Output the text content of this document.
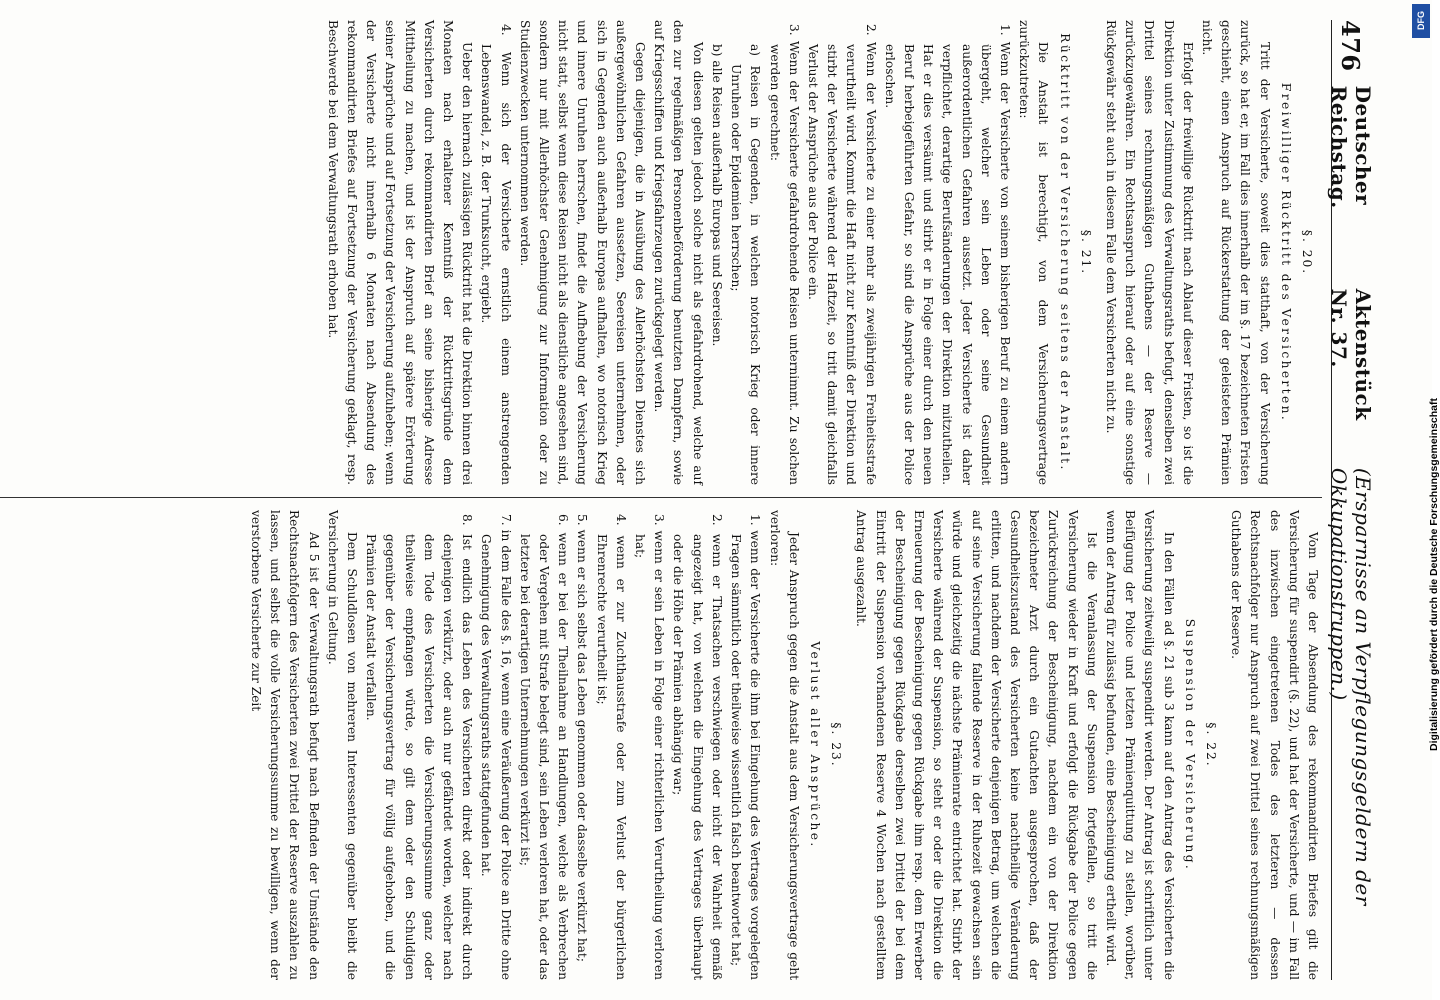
476
Deutscher Reichstag.
Aktenstück Nr. 37.
(Ersparnisse an Verpflegungsgeldern der Okkupationstruppen.)

§. 20.

Freiwilliger Rücktritt des Versicherten.

Tritt der Versicherte, soweit dies statthaft, von der Versicherung zurück, so hat er, im Fall dies innerhalb der im §. 17 bezeichneten Fristen geschieht, einen Anspruch auf Rückerstattung der geleisteten Prämien nicht.

Erfolgt der freiwillige Rücktritt nach Ablauf dieser Fristen, so ist die Direktion unter Zustimmung des Verwaltungsraths befugt, denselben zwei Drittel seines rechnungsmäßigen Guthabens — der Reserve — zurückzugewähren. Ein Rechtsanspruch hierauf oder auf eine sonstige Rückgewähr steht auch in diesem Falle dem Versicherten nicht zu.

§. 21.

Rücktritt von der Versicherung seitens der Anstalt.

Die Anstalt ist berechtigt, von dem Versicherungsvertrage zurückzutreten:

1. Wenn der Versicherte von seinem bisherigen Beruf zu einem andern übergeht, welcher sein Leben oder seine Gesundheit außerordentlichen Gefahren aussetzt. Jeder Versicherte ist daher verpflichtet, derartige Berufsänderungen der Direktion mitzutheilen. Hat er dies versäumt und stirbt er in Folge einer durch den neuen Beruf herbeigeführten Gefahr, so sind die Ansprüche aus der Police erloschen.

2. Wenn der Versicherte zu einer mehr als zweijährigen Freiheitsstrafe verurtheilt wird. Kommt die Haft nicht zur Kenntniß der Direktion und stirbt der Versicherte während der Haftzeit, so tritt damit gleichfalls Verlust der Ansprüche aus der Police ein.

3. Wenn der Versicherte gefahrdrohende Reisen unternimmt. Zu solchen werden gerechnet:

a) Reisen in Gegenden, in welchen notorisch Krieg oder innere Unruhen oder Epidemien herrschen;

b) alle Reisen außerhalb Europas und Seereisen.

Von diesen gelten jedoch solche nicht als gefahrdrohend, welche auf den zur regelmäßigen Personenbeförderung benutzten Dampfern, sowie auf Kriegsschiffen und Kriegsfahrzeugen zurückgelegt werden.

Gegen diejenigen, die in Ausübung des Allerhöchsten Dienstes sich außergewöhnlichen Gefahren aussetzen, Seereisen unternehmen, oder sich in Gegenden auch außerhalb Europas aufhalten, wo notorisch Krieg und innere Unruhen herrschen, findet die Aufhebung der Versicherung nicht statt, selbst wenn diese Reisen nicht als dienstliche angesehen sind, sondern nur mit Allerhöchster Genehmigung zur Information oder zu Studienzwecken unternommen werden.

4. Wenn sich der Versicherte ernstlich einem anstrengenden Lebenswandel, z. B. der Trunksucht, ergiebt.

Ueber den hiernach zulässigen Rücktritt hat die Direktion binnen drei Monaten nach erhaltener Kenntniß der Rücktrittsgründe dem Versicherten durch rekommandirten Brief an seine bisherige Adresse Mittheilung zu machen, und ist der Anspruch auf spätere Erörterung seiner Ansprüche und auf Fortsetzung der Versicherung aufzuheben; wenn der Versicherte nicht innerhalb 6 Monaten nach Absendung des rekommandirten Briefes auf Fortsetzung der Versicherung geklagt, resp. Beschwerde bei dem Verwaltungsrath erhoben hat.

Vom Tage der Absendung des rekommandirten Briefes gilt die Versicherung für suspendirt (§. 22), und hat der Versicherte, und — im Fall des inzwischen eingetretenen Todes des letzteren — dessen Rechtsnachfolger nur Anspruch auf zwei Drittel seines rechnungsmäßigen Guthabens der Reserve.

§. 22.

Suspension der Versicherung.

In den Fällen ad §. 21 sub 3 kann auf den Antrag des Versicherten die Versicherung zeitweilig suspendirt werden. Der Antrag ist schriftlich unter Beifügung der Police und letzten Prämienquittung zu stellen, worüber, wenn der Antrag für zulässig befunden, eine Bescheinigung ertheilt wird.

Ist die Veranlassung der Suspension fortgefallen, so tritt die Versicherung wieder in Kraft und erfolgt die Rückgabe der Police gegen Zurückreichung der Bescheinigung, nachdem ein von der Direktion bezeichneter Arzt durch ein Gutachten ausgesprochen, daß der Gesundheitszustand des Versicherten keine nachtheilige Veränderung erlitten, und nachdem der Versicherte denjenigen Betrag, um welchen die auf seine Versicherung fallende Reserve in der Ruhezeit gewachsen sein würde und gleichzeitig die nächste Prämienrate entrichtet hat. Stirbt der Versicherte während der Suspension, so steht er oder die Direktion die Erneuerung der Bescheinigung gegen Rückgabe ihm resp. dem Erwerber der Bescheinigung gegen Rückgabe derselben zwei Drittel der bei dem Eintritt der Suspension vorhandenen Reserve 4 Wochen nach gestelltem Antrag ausgezahlt.

§. 23.

Verlust aller Ansprüche.

Jeder Anspruch gegen die Anstalt aus dem Versicherungsvertrage geht verloren:

1. wenn der Versicherte die ihm bei Eingehung des Vertrages vorgelegten Fragen sämmtlich oder theilweise wissentlich falsch beantwortet hat;

2. wenn er Thatsachen verschwiegen oder nicht der Wahrheit gemäß angezeigt hat, von welchen die Eingehung des Vertrages überhaupt oder die Höhe der Prämien abhängig war;

3. wenn er sein Leben in Folge einer richterlichen Verurtheilung verloren hat;

4. wenn er zur Zuchthausstrafe oder zum Verlust der bürgerlichen Ehrenrechte verurtheilt ist;

5. wenn er sich selbst das Leben genommen oder dasselbe verkürzt hat;

6. wenn er bei der Theilnahme an Handlungen, welche als Verbrechen oder Vergehen mit Strafe belegt sind, sein Leben verloren hat, oder das letztere bei derartigen Unternehmungen verkürzt ist;

7. in dem Falle des §. 16, wenn eine Veräußerung der Police an Dritte ohne Genehmigung des Verwaltungsraths stattgefunden hat.

8. Ist endlich das Leben des Versicherten direkt oder indirekt durch denjenigen verkürzt, oder auch nur gefährdet worden, welcher nach dem Tode des Versicherten die Versicherungssumme ganz oder theilweise empfangen würde, so gilt dem oder den Schuldigen gegenüber der Versicherungsvertrag für völlig aufgehoben, und die Prämien der Anstalt verfallen.

Dem Schuldlosen von mehreren Interessenten gegenüber bleibt die Versicherung in Geltung.

Ad 5 ist der Verwaltungsrath befugt nach Befinden der Umstände den Rechtsnachfolgern des Versicherten zwei Drittel der Reserve auszahlen zu lassen, und selbst die volle Versicherungssumme zu bewilligen, wenn der verstorbene Versicherte zur Zeit

DFG
Digitalisierung gefördert durch die Deutsche Forschungsgemeinschaft
